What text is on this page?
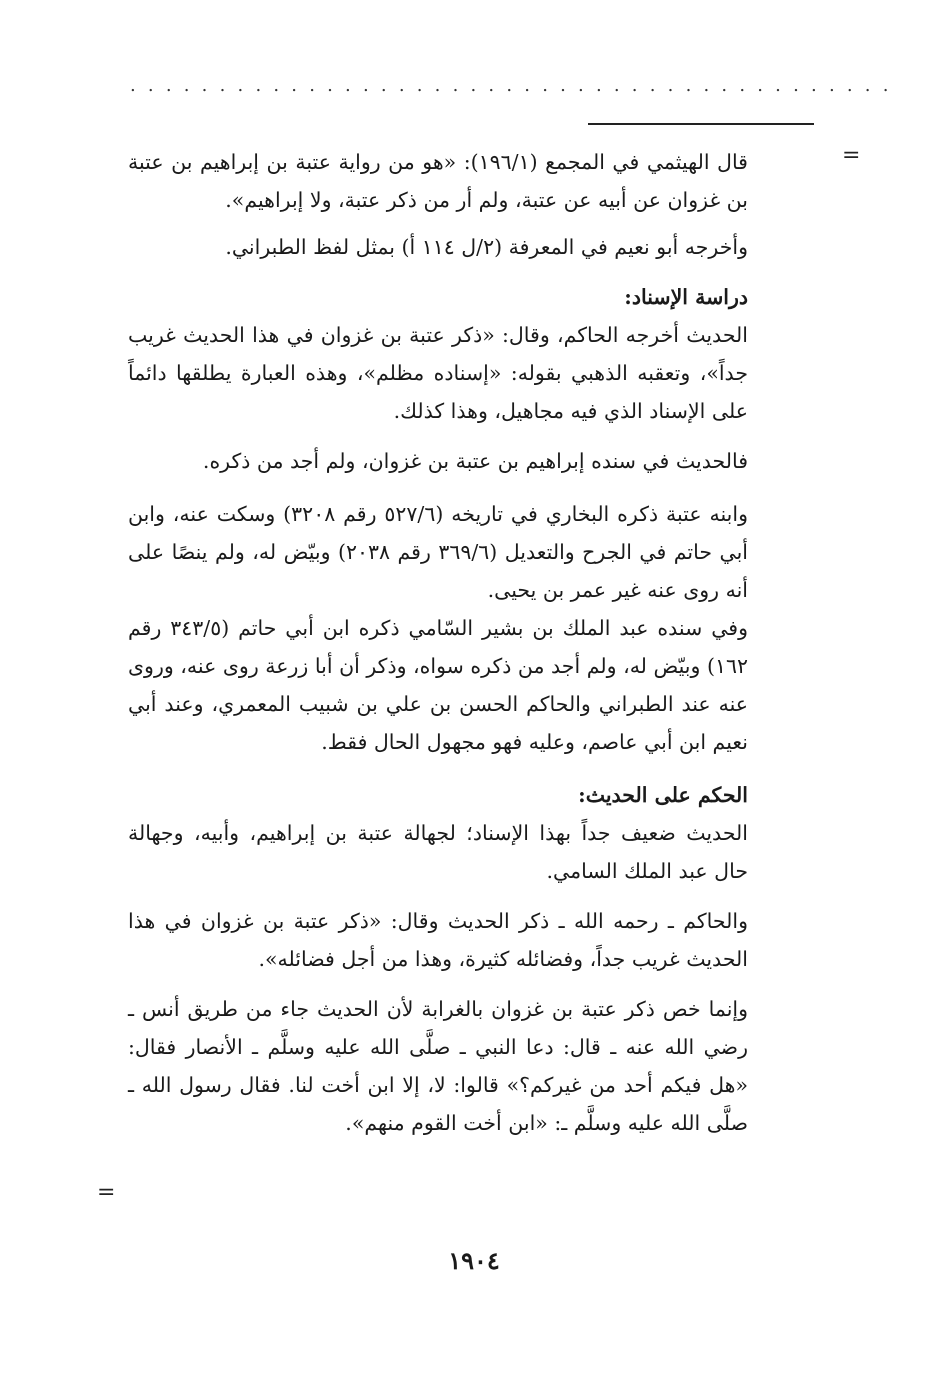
...........................................
=

قال الهيثمي في المجمع (١٩٦/١): «هو من رواية عتبة بن إبراهيم بن عتبة بن غزوان عن أبيه عن عتبة، ولم أر من ذكر عتبة، ولا إبراهيم».

وأخرجه أبو نعيم في المعرفة (٢/ل ١١٤ أ) بمثل لفظ الطبراني.

دراسة الإسناد:

الحديث أخرجه الحاكم، وقال: «ذكر عتبة بن غزوان في هذا الحديث غريب جداً»، وتعقبه الذهبي بقوله: «إسناده مظلم»، وهذه العبارة يطلقها دائماً على الإسناد الذي فيه مجاهيل، وهذا كذلك.

فالحديث في سنده إبراهيم بن عتبة بن غزوان، ولم أجد من ذكره.

وابنه عتبة ذكره البخاري في تاريخه (٥٢٧/٦ رقم ٣٢٠٨) وسكت عنه، وابن أبي حاتم في الجرح والتعديل (٣٦٩/٦ رقم ٢٠٣٨) وبيّض له، ولم ينصًا على أنه روى عنه غير عمر بن يحيى.

وفي سنده عبد الملك بن بشير السّامي ذكره ابن أبي حاتم (٣٤٣/٥ رقم ١٦٢) وبيّض له، ولم أجد من ذكره سواه، وذكر أن أبا زرعة روى عنه، وروى عنه عند الطبراني والحاكم الحسن بن علي بن شبيب المعمري، وعند أبي نعيم ابن أبي عاصم، وعليه فهو مجهول الحال فقط.

الحكم على الحديث:

الحديث ضعيف جداً بهذا الإسناد؛ لجهالة عتبة بن إبراهيم، وأبيه، وجهالة حال عبد الملك السامي.

والحاكم ـ رحمه الله ـ ذكر الحديث وقال: «ذكر عتبة بن غزوان في هذا الحديث غريب جداً، وفضائله كثيرة، وهذا من أجل فضائله».

وإنما خص ذكر عتبة بن غزوان بالغرابة لأن الحديث جاء من طريق أنس ـ رضي الله عنه ـ قال: دعا النبي ـ صلَّى الله عليه وسلَّم ـ الأنصار فقال: «هل فيكم أحد من غيركم؟» قالوا: لا، إلا ابن أخت لنا. فقال رسول الله ـ صلَّى الله عليه وسلَّم ـ: «ابن أخت القوم منهم».

=
١٩٠٤
